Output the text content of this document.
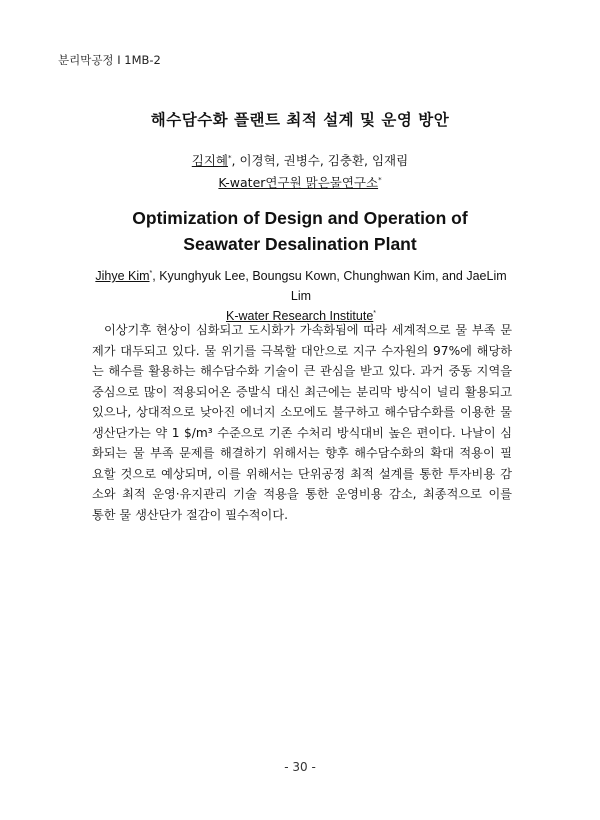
분리막공정 Ⅰ 1MB-2
해수담수화 플랜트 최적 설계 및 운영 방안
김지혜*, 이경혁, 권병수, 김충환, 임재림
K-water연구원 맑은물연구소*
Optimization of Design and Operation of
Seawater Desalination Plant
Jihye Kim*, Kyunghyuk Lee, Boungsu Kown, Chunghwan Kim, and JaeLim Lim
K-water Research Institute*
이상기후 현상이 심화되고 도시화가 가속화됨에 따라 세계적으로 물 부족 문
제가 대두되고 있다. 물 위기를 극복할 대안으로 지구 수자원의 97%에 해당하
는 해수를 활용하는 해수담수화 기술이 큰 관심을 받고 있다. 과거 중동 지역을
중심으로 많이 적용되어온 증발식 대신 최근에는 분리막 방식이 널리 활용되고
있으나, 상대적으로 낮아진 에너지 소모에도 불구하고 해수담수화를 이용한 물
생산단가는 약 1 $/m³ 수준으로 기존 수처리 방식대비 높은 편이다. 나날이 심
화되는 물 부족 문제를 해결하기 위해서는 향후 해수담수화의 확대 적용이 필
요할 것으로 예상되며, 이를 위해서는 단위공정 최적 설계를 통한 투자비용 감
소와 최적 운영·유지관리 기술 적용을 통한 운영비용 감소, 최종적으로 이를
통한 물 생산단가 절감이 필수적이다.
- 30 -
